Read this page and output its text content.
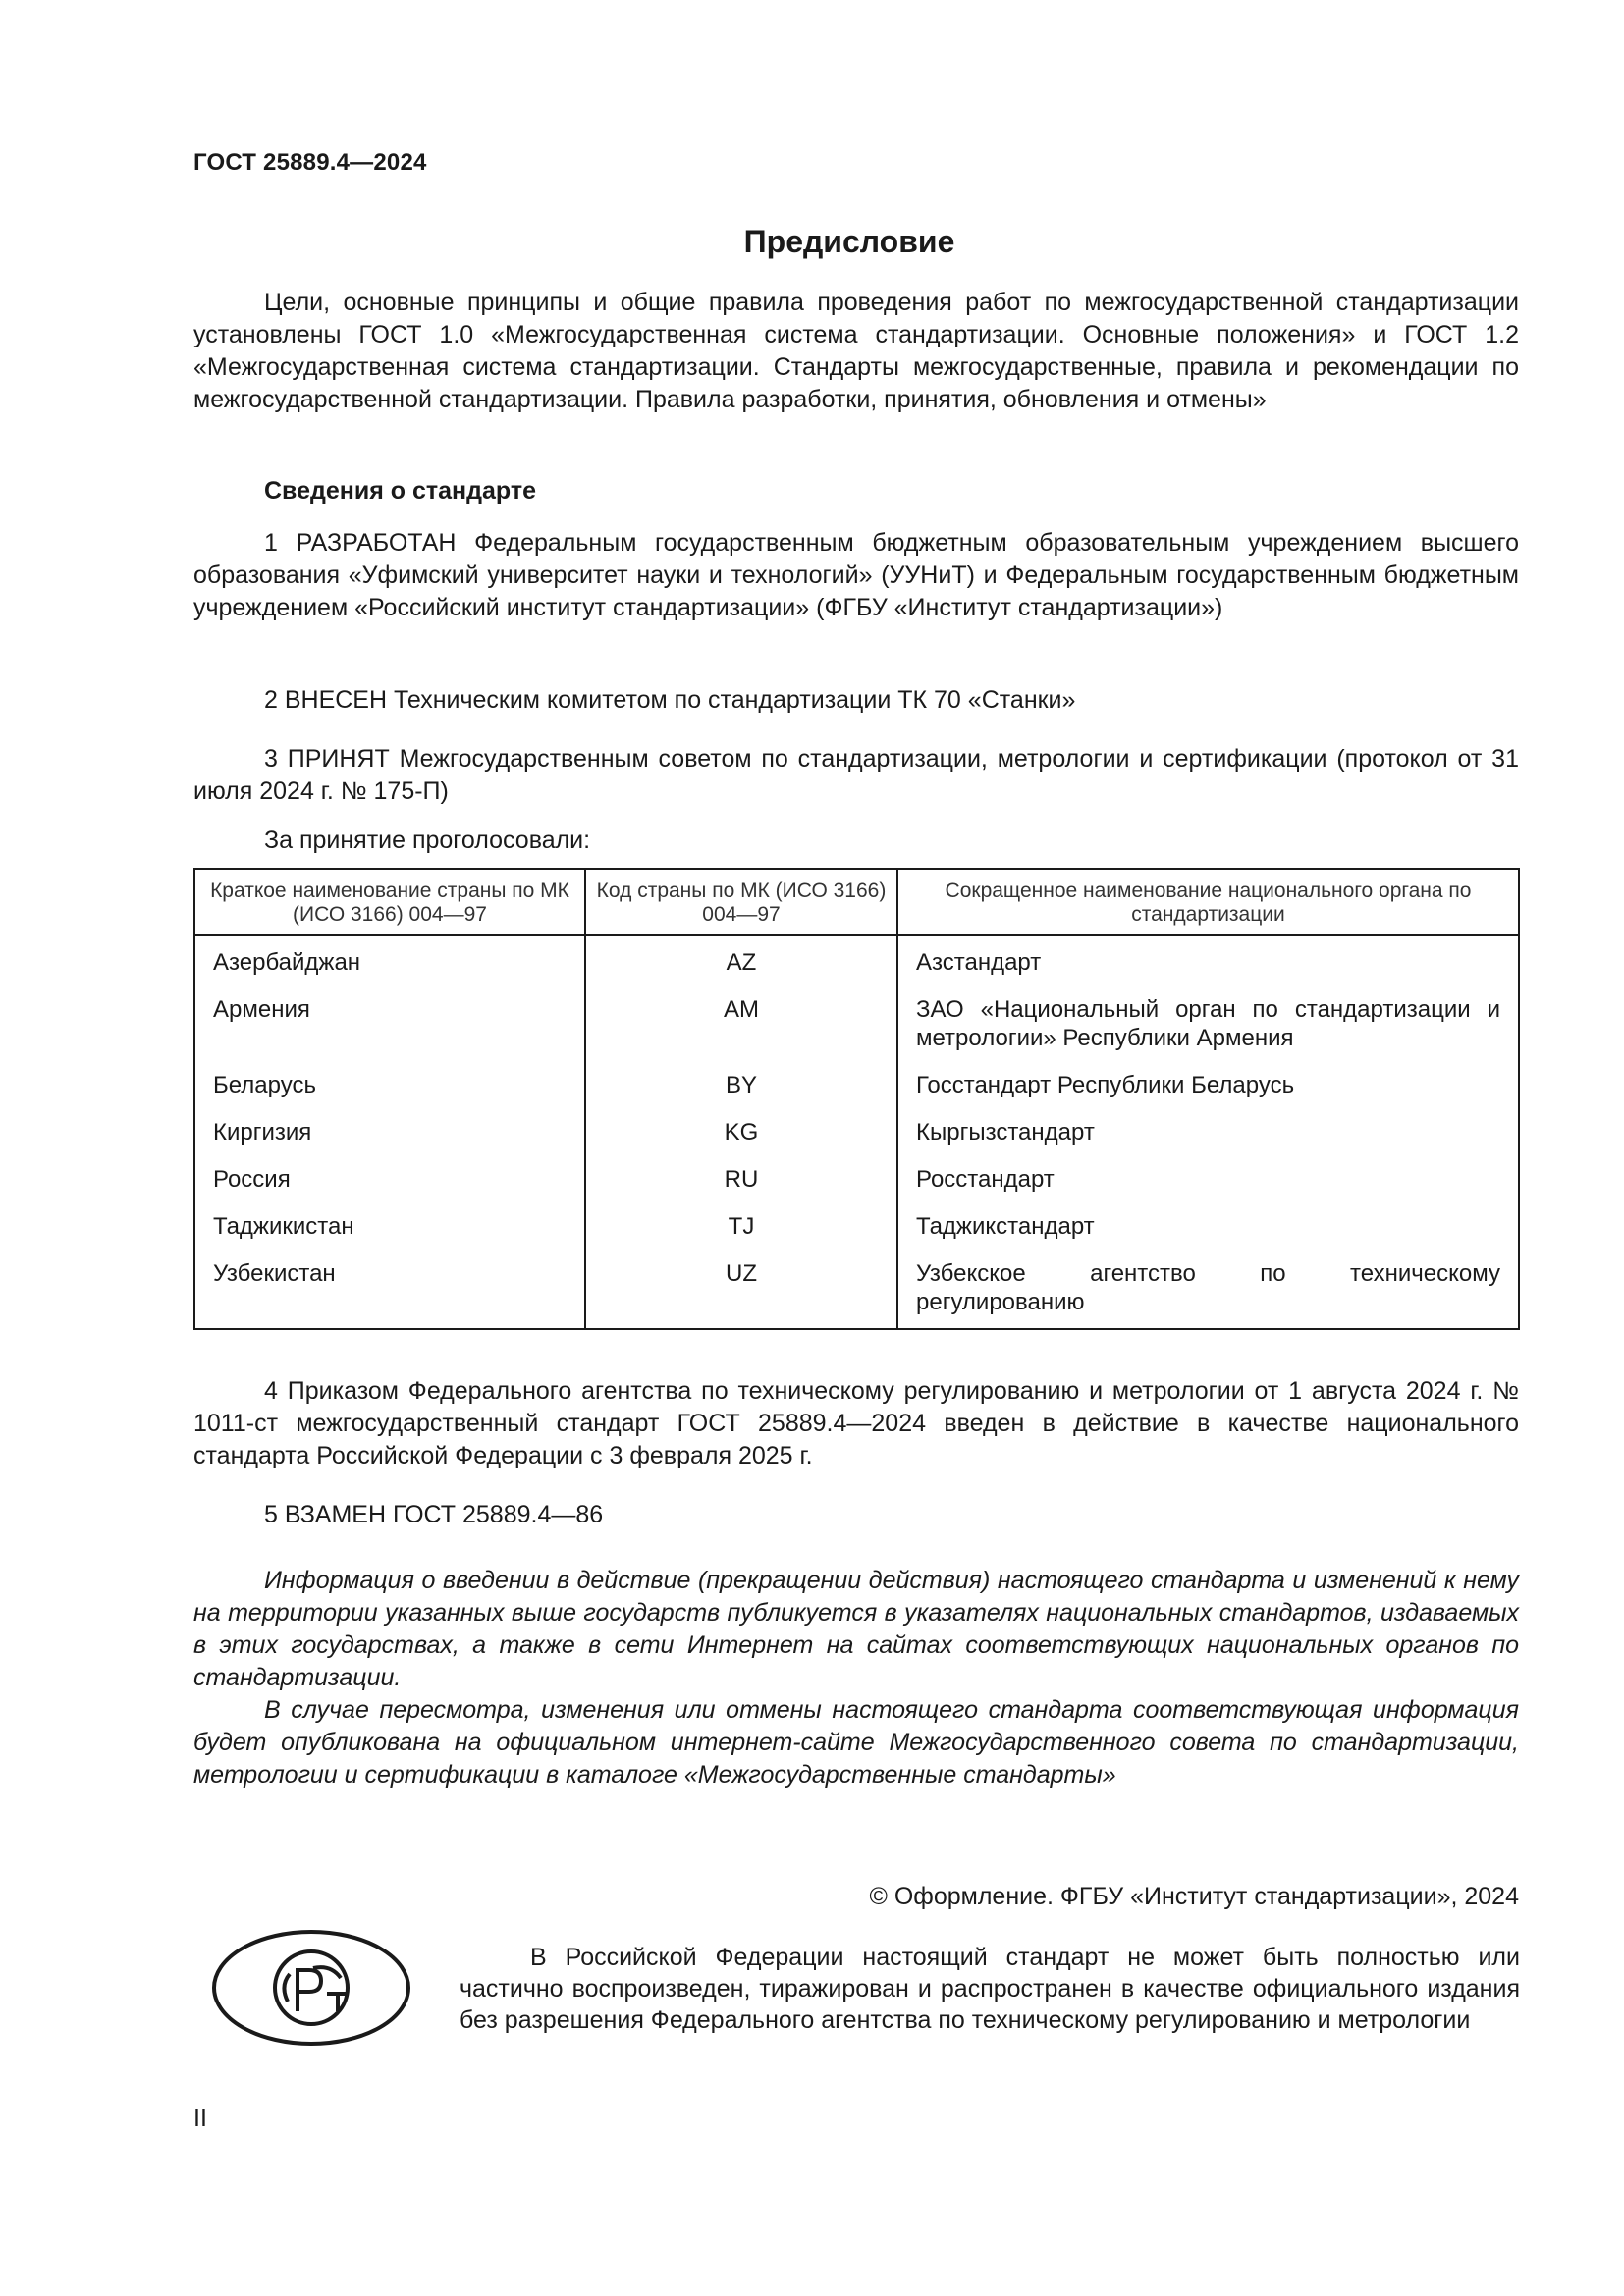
ГОСТ 25889.4—2024
Предисловие

Цели, основные принципы и общие правила проведения работ по межгосударственной стандартизации установлены ГОСТ 1.0 «Межгосударственная система стандартизации. Основные положения» и ГОСТ 1.2 «Межгосударственная система стандартизации. Стандарты межгосударственные, правила и рекомендации по межгосударственной стандартизации. Правила разработки, принятия, обновления и отмены»

Сведения о стандарте

1 РАЗРАБОТАН Федеральным государственным бюджетным образовательным учреждением высшего образования «Уфимский университет науки и технологий» (УУНиТ) и Федеральным государственным бюджетным учреждением «Российский институт стандартизации» (ФГБУ «Институт стандартизации»)

2 ВНЕСЕН Техническим комитетом по стандартизации ТК 70 «Станки»

3 ПРИНЯТ Межгосударственным советом по стандартизации, метрологии и сертификации (протокол от 31 июля 2024 г. № 175-П)

За принятие проголосовали:

Краткое наименование страны по МК (ИСО 3166) 004—97	Код страны по МК (ИСО 3166) 004—97	Сокращенное наименование национального органа по стандартизации
Азербайджан	AZ	Азстандарт
Армения	AM	ЗАО «Национальный орган по стандартизации и метрологии» Республики Армения
Беларусь	BY	Госстандарт Республики Беларусь
Киргизия	KG	Кыргызстандарт
Россия	RU	Росстандарт
Таджикистан	TJ	Таджикстандарт
Узбекистан	UZ	Узбекское агентство по техническому регулированию

4 Приказом Федерального агентства по техническому регулированию и метрологии от 1 августа 2024 г. № 1011-ст межгосударственный стандарт ГОСТ 25889.4—2024 введен в действие в качестве национального стандарта Российской Федерации с 3 февраля 2025 г.

5 ВЗАМЕН ГОСТ 25889.4—86

Информация о введении в действие (прекращении действия) настоящего стандарта и изменений к нему на территории указанных выше государств публикуется в указателях национальных стандартов, издаваемых в этих государствах, а также в сети Интернет на сайтах соответствующих национальных органов по стандартизации.

В случае пересмотра, изменения или отмены настоящего стандарта соответствующая информация будет опубликована на официальном интернет-сайте Межгосударственного совета по стандартизации, метрологии и сертификации в каталоге «Межгосударственные стандарты»

© Оформление. ФГБУ «Институт стандартизации», 2024

В Российской Федерации настоящий стандарт не может быть полностью или частично воспроизведен, тиражирован и распространен в качестве официального издания без разрешения Федерального агентства по техническому регулированию и метрологии

II
